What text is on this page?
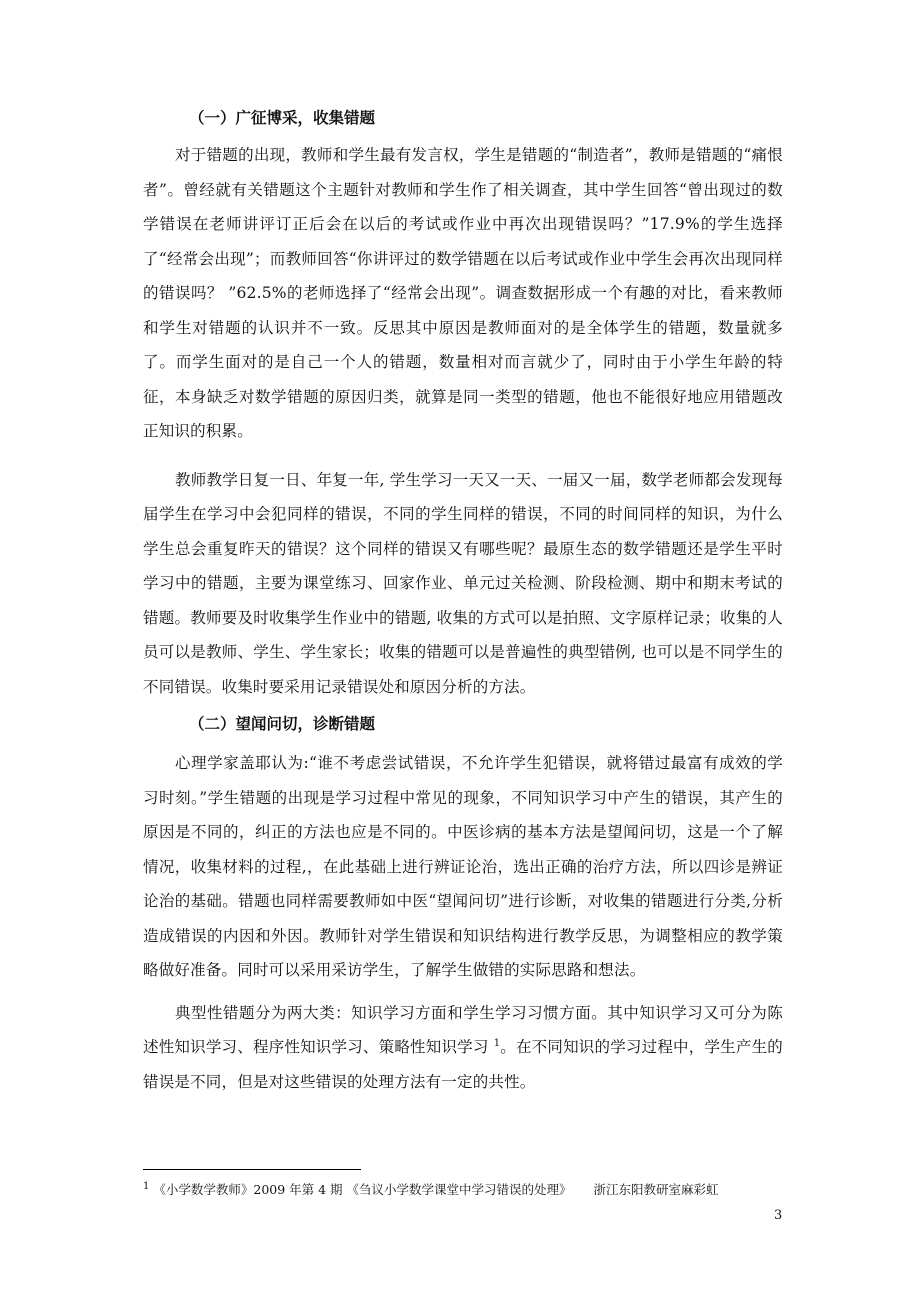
（一）广征博采，收集错题

对于错题的出现，教师和学生最有发言权，学生是错题的“制造者”，教师是错题的“痛恨者”。曾经就有关错题这个主题针对教师和学生作了相关调查，其中学生回答“曾出现过的数学错误在老师讲评订正后会在以后的考试或作业中再次出现错误吗？”17.9%的学生选择了“经常会出现”；而教师回答“你讲评过的数学错题在以后考试或作业中学生会再次出现同样的错误吗？ ”62.5%的老师选择了“经常会出现”。调查数据形成一个有趣的对比，看来教师和学生对错题的认识并不一致。反思其中原因是教师面对的是全体学生的错题，数量就多了。而学生面对的是自己一个人的错题，数量相对而言就少了，同时由于小学生年龄的特征，本身缺乏对数学错题的原因归类，就算是同一类型的错题，他也不能很好地应用错题改正知识的积累。

教师教学日复一日、年复一年, 学生学习一天又一天、一届又一届，数学老师都会发现每届学生在学习中会犯同样的错误，不同的学生同样的错误，不同的时间同样的知识，为什么学生总会重复昨天的错误？这个同样的错误又有哪些呢？最原生态的数学错题还是学生平时学习中的错题，主要为课堂练习、回家作业、单元过关检测、阶段检测、期中和期末考试的错题。教师要及时收集学生作业中的错题, 收集的方式可以是拍照、文字原样记录；收集的人员可以是教师、学生、学生家长；收集的错题可以是普遍性的典型错例, 也可以是不同学生的不同错误。收集时要采用记录错误处和原因分析的方法。

（二）望闻问切，诊断错题

心理学家盖耶认为:“谁不考虑尝试错误，不允许学生犯错误，就将错过最富有成效的学习时刻。”学生错题的出现是学习过程中常见的现象，不同知识学习中产生的错误，其产生的原因是不同的，纠正的方法也应是不同的。中医诊病的基本方法是望闻问切，这是一个了解情况，收集材料的过程,，在此基础上进行辨证论治，选出正确的治疗方法，所以四诊是辨证论治的基础。错题也同样需要教师如中医“望闻问切”进行诊断，对收集的错题进行分类,分析造成错误的内因和外因。教师针对学生错误和知识结构进行教学反思，为调整相应的教学策略做好准备。同时可以采用采访学生，了解学生做错的实际思路和想法。

典型性错题分为两大类：知识学习方面和学生学习习惯方面。其中知识学习又可分为陈述性知识学习、程序性知识学习、策略性知识学习 $^1$。在不同知识的学习过程中，学生产生的错误是不同，但是对这些错误的处理方法有一定的共性。

$^1$ 《小学数学教师》2009 年第 4 期 《刍议小学数学课堂中学习错误的处理》 浙江东阳教研室麻彩虹
3
